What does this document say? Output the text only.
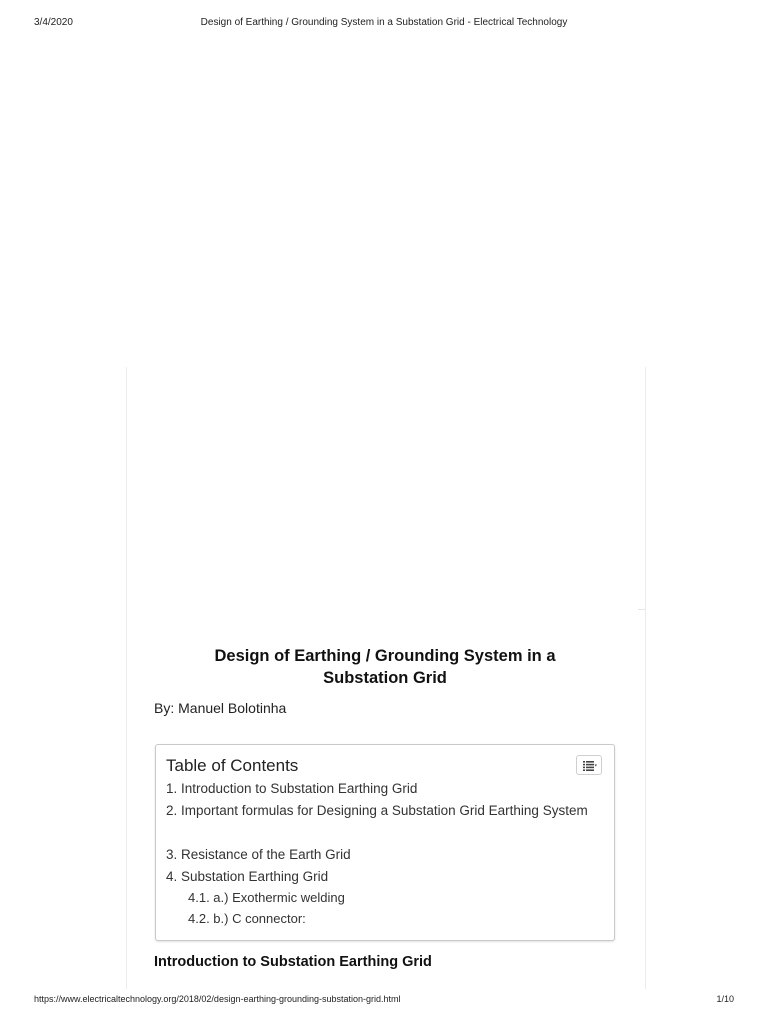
3/4/2020	Design of Earthing / Grounding System in a Substation Grid - Electrical Technology
Design of Earthing / Grounding System in a Substation Grid
By: Manuel Bolotinha
Table of Contents
1. Introduction to Substation Earthing Grid
2. Important formulas for Designing a Substation Grid Earthing System
3. Resistance of the Earth Grid
4. Substation Earthing Grid
4.1. a.) Exothermic welding
4.2. b.) C connector:
Introduction to Substation Earthing Grid
https://www.electricaltechnology.org/2018/02/design-earthing-grounding-substation-grid.html	1/10
